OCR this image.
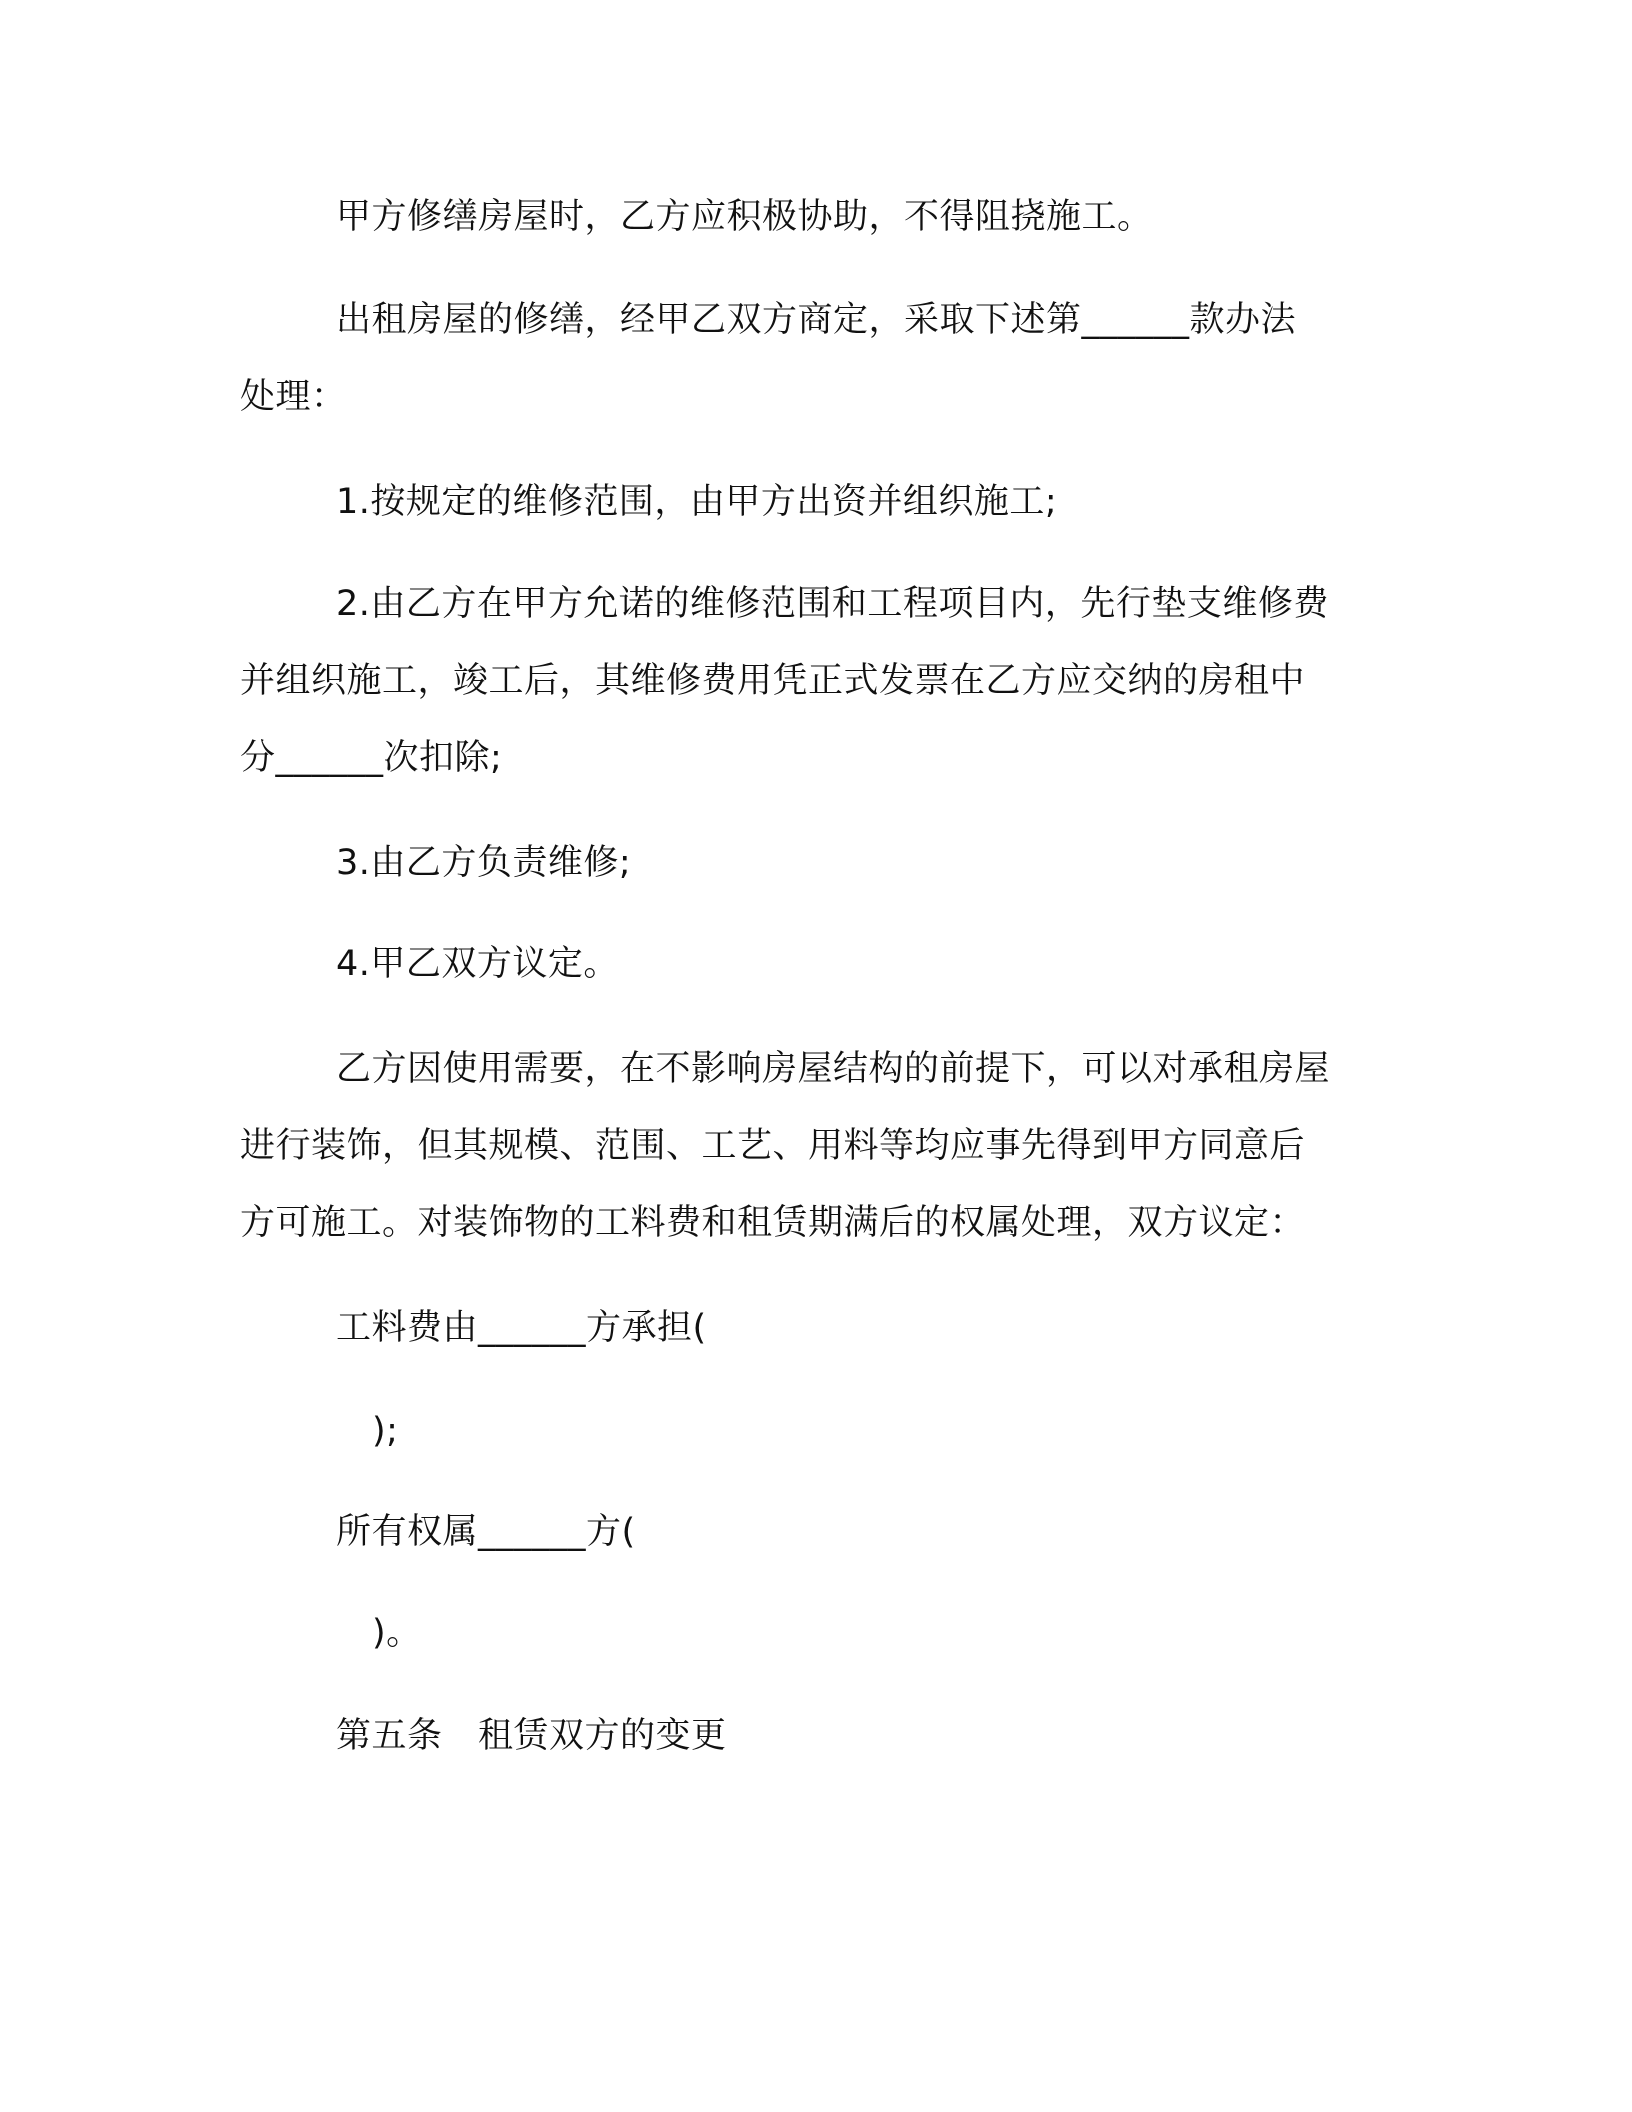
甲方修缮房屋时，乙方应积极协助，不得阻挠施工。
出租房屋的修缮，经甲乙双方商定，采取下述第______款办法
处理：
1.按规定的维修范围，由甲方出资并组织施工;
2.由乙方在甲方允诺的维修范围和工程项目内，先行垫支维修费
并组织施工，竣工后，其维修费用凭正式发票在乙方应交纳的房租中
分______次扣除;
3.由乙方负责维修;
4.甲乙双方议定。
乙方因使用需要，在不影响房屋结构的前提下，可以对承租房屋
进行装饰，但其规模、范围、工艺、用料等均应事先得到甲方同意后
方可施工。对装饰物的工料费和租赁期满后的权属处理，双方议定：
工料费由______方承担(
);
所有权属______方(
)。
第五条　租赁双方的变更
